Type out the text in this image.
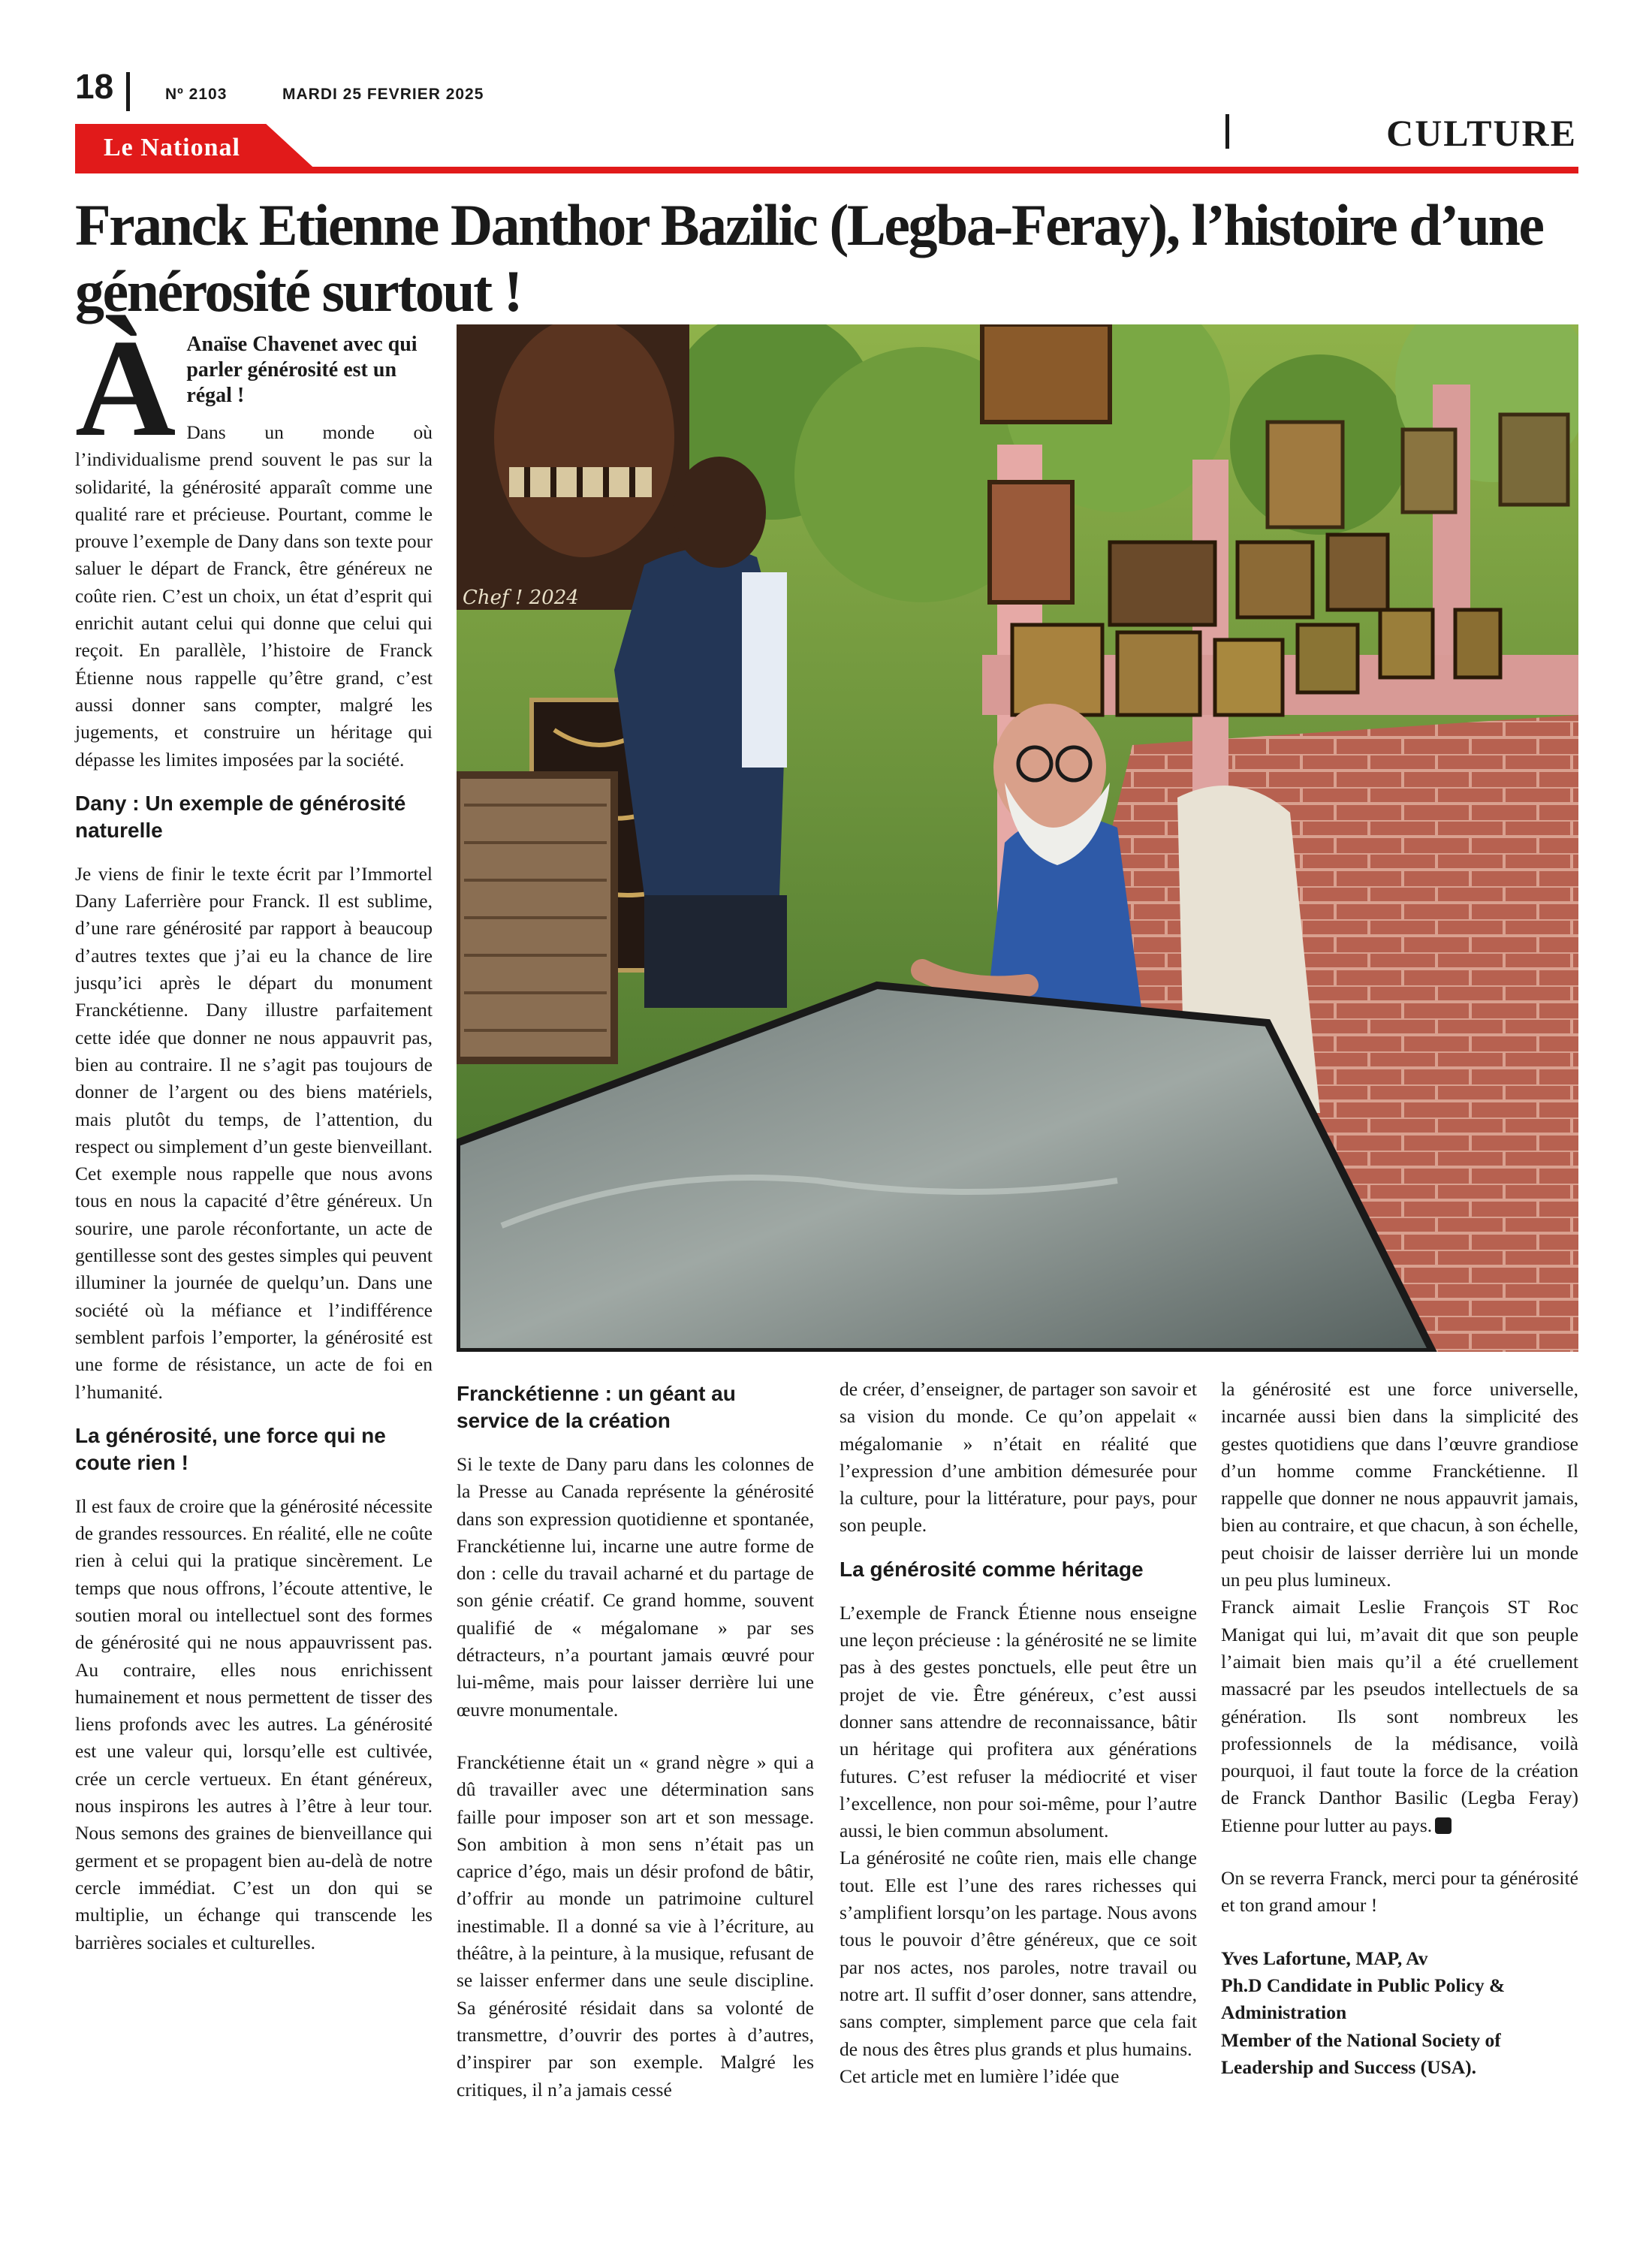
18	Nº 2103	MARDI 25 FEVRIER 2025
CULTURE
Le National
Franck Etienne Danthor Bazilic (Legba-Feray), l’histoire d’une générosité surtout !
À Anaïse Chavenet avec qui parler générosité est un régal !

Dans un monde où l’individualisme prend souvent le pas sur la solidarité, la générosité apparaît comme une qualité rare et précieuse. Pourtant, comme le prouve l’exemple de Dany dans son texte pour saluer le départ de Franck, être généreux ne coûte rien. C’est un choix, un état d’esprit qui enrichit autant celui qui donne que celui qui reçoit. En parallèle, l’histoire de Franck Étienne nous rappelle qu’être grand, c’est aussi donner sans compter, malgré les jugements, et construire un héritage qui dépasse les limites imposées par la société.

Dany : Un exemple de générosité naturelle

Je viens de finir le texte écrit par l’Immortel Dany Laferrière pour Franck. Il est sublime, d’une rare générosité par rapport à beaucoup d’autres textes que j’ai eu la chance de lire jusqu’ici après le départ du monument Franckétienne. Dany illustre parfaitement cette idée que donner ne nous appauvrit pas, bien au contraire. Il ne s’agit pas toujours de donner de l’argent ou des biens matériels, mais plutôt du temps, de l’attention, du respect ou simplement d’un geste bienveillant. Cet exemple nous rappelle que nous avons tous en nous la capacité d’être généreux. Un sourire, une parole réconfortante, un acte de gentillesse sont des gestes simples qui peuvent illuminer la journée de quelqu’un. Dans une société où la méfiance et l’indifférence semblent parfois l’emporter, la générosité est une forme de résistance, un acte de foi en l’humanité.

La générosité, une force qui ne coute rien !

Il est faux de croire que la générosité nécessite de grandes ressources. En réalité, elle ne coûte rien à celui qui la pratique sincèrement. Le temps que nous offrons, l’écoute attentive, le soutien moral ou intellectuel sont des formes de générosité qui ne nous appauvrissent pas. Au contraire, elles nous enrichissent humainement et nous permettent de tisser des liens profonds avec les autres. La générosité est une valeur qui, lorsqu’elle est cultivée, crée un cercle vertueux. En étant généreux, nous inspirons les autres à l’être à leur tour. Nous semons des graines de bienveillance qui germent et se propagent bien au-delà de notre cercle immédiat. C’est un don qui se multiplie, un échange qui transcende les barrières sociales et culturelles.

Chef ! 2024

Franckétienne : un géant au service de la création

Si le texte de Dany paru dans les colonnes de la Presse au Canada représente la générosité dans son expression quotidienne et spontanée, Franckétienne lui, incarne une autre forme de don : celle du travail acharné et du partage de son génie créatif. Ce grand homme, souvent qualifié de « mégalomane » par ses détracteurs, n’a pourtant jamais œuvré pour lui-même, mais pour laisser derrière lui une œuvre monumentale.

Franckétienne était un « grand nègre » qui a dû travailler avec une détermination sans faille pour imposer son art et son message. Son ambition à mon sens n’était pas un caprice d’égo, mais un désir profond de bâtir, d’offrir au monde un patrimoine culturel inestimable. Il a donné sa vie à l’écriture, au théâtre, à la peinture, à la musique, refusant de se laisser enfermer dans une seule discipline. Sa générosité résidait dans sa volonté de transmettre, d’ouvrir des portes à d’autres, d’inspirer par son exemple. Malgré les critiques, il n’a jamais cessé

de créer, d’enseigner, de partager son savoir et sa vision du monde. Ce qu’on appelait « mégalomanie » n’était en réalité que l’expression d’une ambition démesurée pour la culture, pour la littérature, pour pays, pour son peuple.

La générosité comme héritage

L’exemple de Franck Étienne nous enseigne une leçon précieuse : la générosité ne se limite pas à des gestes ponctuels, elle peut être un projet de vie. Être généreux, c’est aussi donner sans attendre de reconnaissance, bâtir un héritage qui profitera aux générations futures. C’est refuser la médiocrité et viser l’excellence, non pour soi-même, pour l’autre aussi, le bien commun absolument.

La générosité ne coûte rien, mais elle change tout. Elle est l’une des rares richesses qui s’amplifient lorsqu’on les partage. Nous avons tous le pouvoir d’être généreux, que ce soit par nos actes, nos paroles, notre travail ou notre art. Il suffit d’oser donner, sans attendre, sans compter, simplement parce que cela fait de nous des êtres plus grands et plus humains.

Cet article met en lumière l’idée que

la générosité est une force universelle, incarnée aussi bien dans la simplicité des gestes quotidiens que dans l’œuvre grandiose d’un homme comme Franckétienne. Il rappelle que donner ne nous appauvrit jamais, bien au contraire, et que chacun, à son échelle, peut choisir de laisser derrière lui un monde un peu plus lumineux.

Franck aimait Leslie François ST Roc Manigat qui lui, m’avait dit que son peuple l’aimait bien mais qu’il a été cruellement massacré par les pseudos intellectuels de sa génération. Ils sont nombreux les professionnels de la médisance, voilà pourquoi, il faut toute la force de la création de Franck Danthor Basilic (Legba Feray) Etienne pour lutter au pays.

On se reverra Franck, merci pour ta générosité et ton grand amour !

Yves Lafortune, MAP, Av

Ph.D Candidate in Public Policy & Administration

Member of the National Society of Leadership and Success (USA).
